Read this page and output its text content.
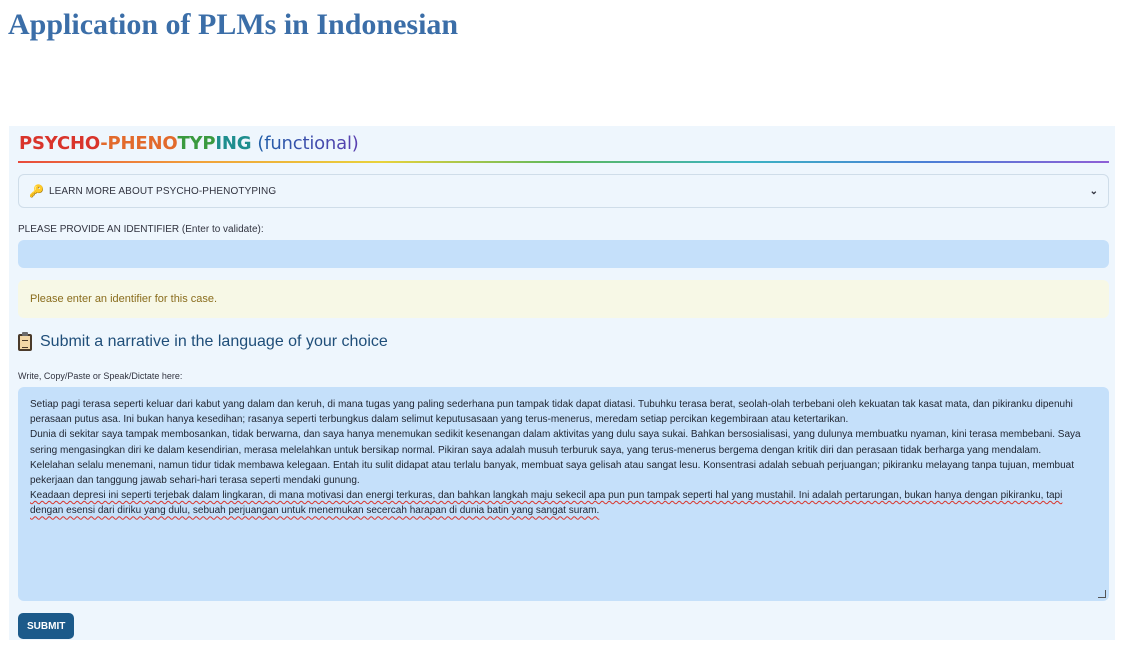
Application of PLMs in Indonesian
PSYCHO-PHENOTYPING (functional)
🔑 LEARN MORE ABOUT PSYCHO-PHENOTYPING	⌄
PLEASE PROVIDE AN IDENTIFIER (Enter to validate):
Please enter an identifier for this case.
Submit a narrative in the language of your choice
Write, Copy/Paste or Speak/Dictate here:

Setiap pagi terasa seperti keluar dari kabut yang dalam dan keruh, di mana tugas yang paling sederhana pun tampak tidak dapat diatasi. Tubuhku terasa berat, seolah-olah terbebani oleh kekuatan tak kasat mata, dan pikiranku dipenuhi perasaan putus asa. Ini bukan hanya kesedihan; rasanya seperti terbungkus dalam selimut keputusasaan yang terus-menerus, meredam setiap percikan kegembiraan atau ketertarikan.

Dunia di sekitar saya tampak membosankan, tidak berwarna, dan saya hanya menemukan sedikit kesenangan dalam aktivitas yang dulu saya sukai. Bahkan bersosialisasi, yang dulunya membuatku nyaman, kini terasa membebani. Saya sering mengasingkan diri ke dalam kesendirian, merasa melelahkan untuk bersikap normal. Pikiran saya adalah musuh terburuk saya, yang terus-menerus bergema dengan kritik diri dan perasaan tidak berharga yang mendalam.

Kelelahan selalu menemani, namun tidur tidak membawa kelegaan. Entah itu sulit didapat atau terlalu banyak, membuat saya gelisah atau sangat lesu. Konsentrasi adalah sebuah perjuangan; pikiranku melayang tanpa tujuan, membuat pekerjaan dan tanggung jawab sehari-hari terasa seperti mendaki gunung.

Keadaan depresi ini seperti terjebak dalam lingkaran, di mana motivasi dan energi terkuras, dan bahkan langkah maju sekecil apa pun pun tampak seperti hal yang mustahil. Ini adalah pertarungan, bukan hanya dengan pikiranku, tapi dengan esensi dari diriku yang dulu, sebuah perjuangan untuk menemukan secercah harapan di dunia batin yang sangat suram.

SUBMIT
